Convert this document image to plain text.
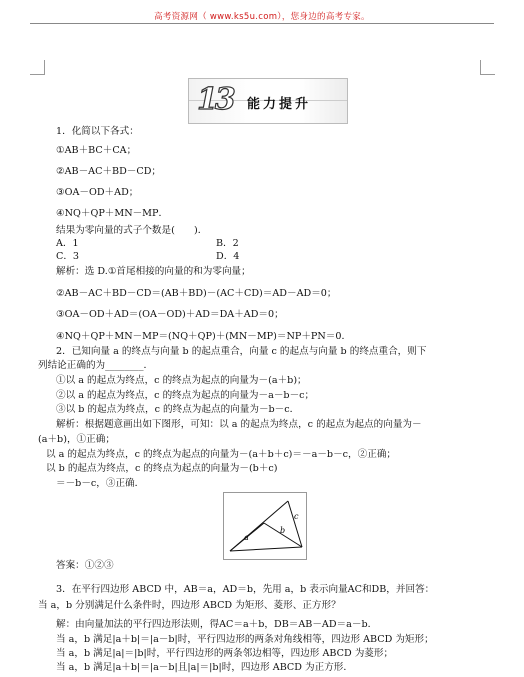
高考资源网（ www.ks5u.com），您身边的高考专家。
13 能力提升
1．化简以下各式：
①AB＋BC＋CA；
②AB－AC＋BD－CD；
③OA－OD＋AD；
④NQ＋QP＋MN－MP．
结果为零向量的式子个数是(　　)．
A．1	B．2
C．3	D．4
解析：选 D.①首尾相接的向量的和为零向量；
②AB－AC＋BD－CD＝(AB＋BD)－(AC＋CD)＝AD－AD＝0；
③OA－OD＋AD＝(OA－OD)＋AD＝DA＋AD＝0；
④NQ＋QP＋MN－MP＝(NQ＋QP)＋(MN－MP)＝NP＋PN＝0．
2．已知向量 a 的终点与向量 b 的起点重合，向量 c 的起点与向量 b 的终点重合，则下
列结论正确的为________．
①以 a 的起点为终点，c 的终点为起点的向量为－(a＋b)；
②以 a 的起点为终点，c 的终点为起点的向量为－a－b－c；
③以 b 的起点为终点，c 的终点为起点的向量为－b－c．
解析：根据题意画出如下图形，可知：以 a 的起点为终点，c 的起点为起点的向量为－
(a＋b)，①正确；
以 a 的起点为终点，c 的终点为起点的向量为－(a＋b＋c)＝－a－b－c，②正确；
以 b 的起点为终点，c 的终点为起点的向量为－(b＋c)
＝－b－c，③正确．
a
b
c
答案：①②③
3．在平行四边形 ABCD 中，AB＝a，AD＝b，先用 a，b 表示向量AC和DB，并回答：
当 a，b 分别满足什么条件时，四边形 ABCD 为矩形、菱形、正方形？
解：由向量加法的平行四边形法则，得AC＝a＋b，DB＝AB－AD＝a－b．
当 a，b 满足|a＋b|＝|a－b|时，平行四边形的两条对角线相等，四边形 ABCD 为矩形；
当 a，b 满足|a|＝|b|时，平行四边形的两条邻边相等，四边形 ABCD 为菱形；
当 a，b 满足|a＋b|＝|a－b|且|a|＝|b|时，四边形 ABCD 为正方形．
